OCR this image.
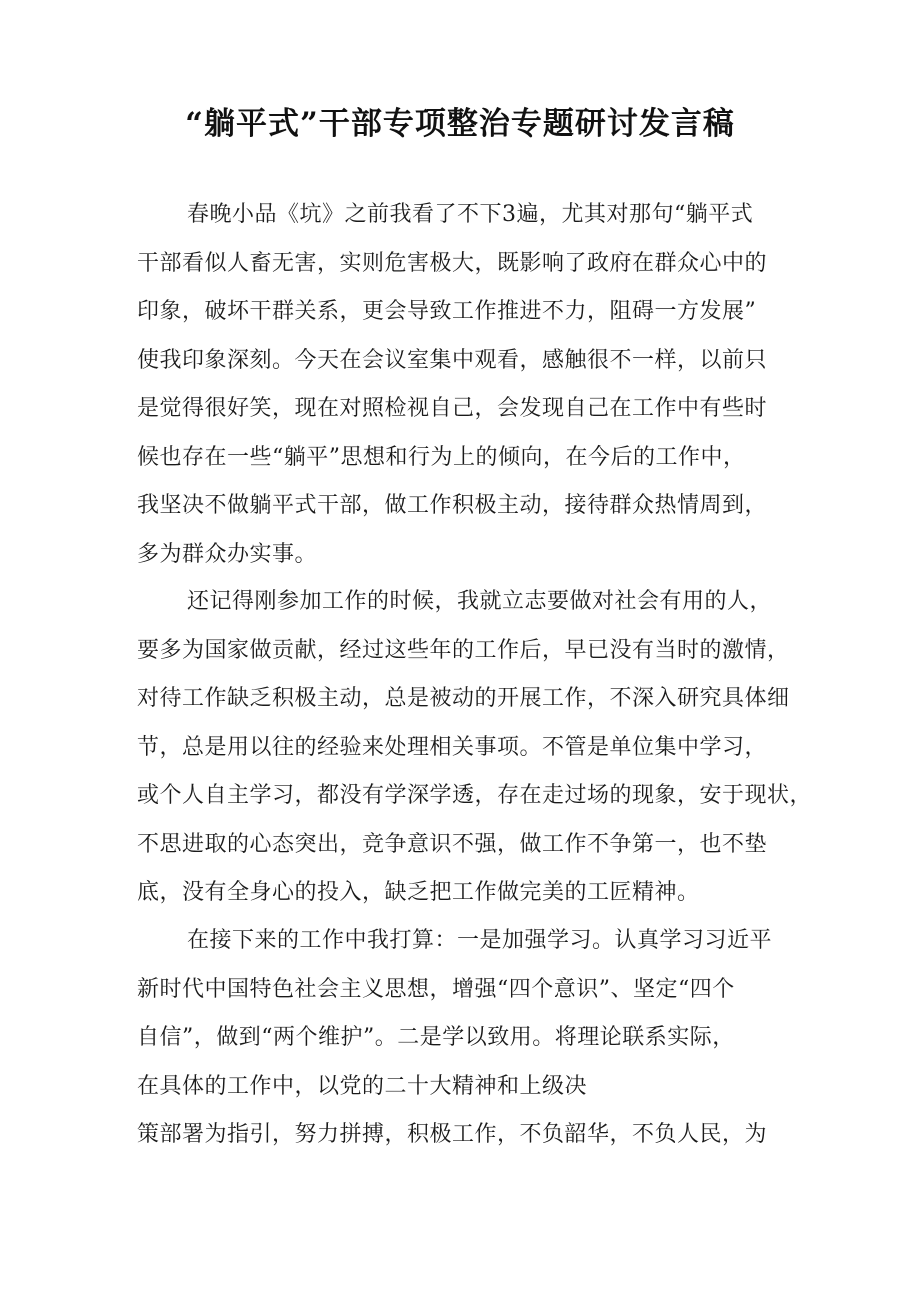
“躺平式”干部专项整治专题研讨发言稿
春晚小品《坑》之前我看了不下3遍，尤其对那句“躺平式
干部看似人畜无害，实则危害极大，既影响了政府在群众心中的
印象，破坏干群关系，更会导致工作推进不力，阻碍一方发展”
使我印象深刻。今天在会议室集中观看，感触很不一样，以前只
是觉得很好笑，现在对照检视自己，会发现自己在工作中有些时
候也存在一些“躺平”思想和行为上的倾向，在今后的工作中，
我坚决不做躺平式干部，做工作积极主动，接待群众热情周到，
多为群众办实事。
还记得刚参加工作的时候，我就立志要做对社会有用的人，
要多为国家做贡献，经过这些年的工作后，早已没有当时的激情，
对待工作缺乏积极主动，总是被动的开展工作，不深入研究具体细
节，总是用以往的经验来处理相关事项。不管是单位集中学习，
或个人自主学习，都没有学深学透，存在走过场的现象，安于现状，
不思进取的心态突出，竞争意识不强，做工作不争第一，也不垫
底，没有全身心的投入，缺乏把工作做完美的工匠精神。
在接下来的工作中我打算：一是加强学习。认真学习习近平
新时代中国特色社会主义思想，增强“四个意识”、坚定“四个
自信”，做到“两个维护”。二是学以致用。将理论联系实际，
在具体的工作中，以党的二十大精神和上级决
策部署为指引，努力拼搏，积极工作，不负韶华，不负人民，为
